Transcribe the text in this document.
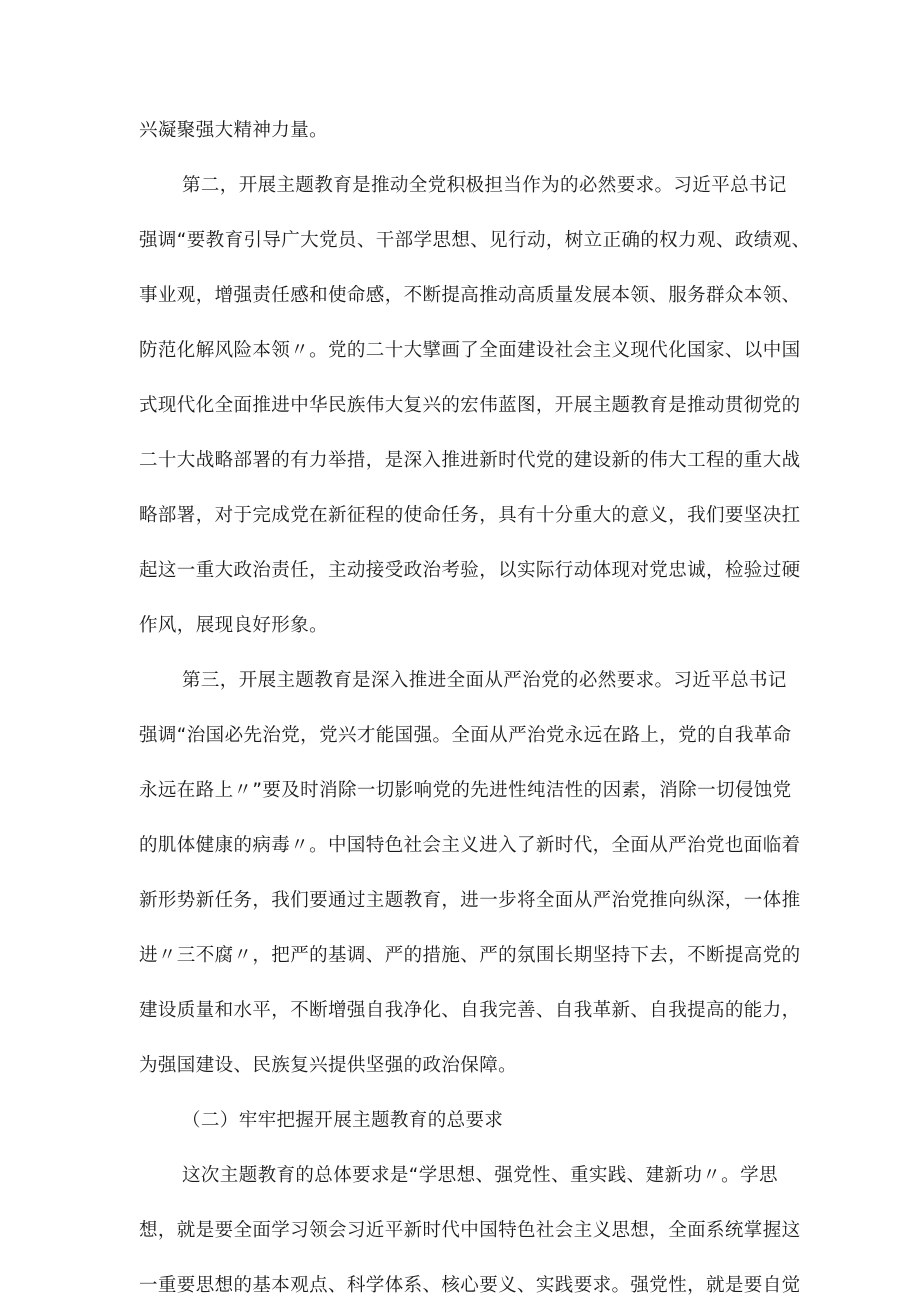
兴凝聚强大精神力量。
第二，开展主题教育是推动全党积极担当作为的必然要求。习近平总书记
强调“要教育引导广大党员、干部学思想、见行动，树立正确的权力观、政绩观、
事业观，增强责任感和使命感，不断提高推动高质量发展本领、服务群众本领、
防范化解风险本领〃。党的二十大擘画了全面建设社会主义现代化国家、以中国
式现代化全面推进中华民族伟大复兴的宏伟蓝图，开展主题教育是推动贯彻党的
二十大战略部署的有力举措，是深入推进新时代党的建设新的伟大工程的重大战
略部署，对于完成党在新征程的使命任务，具有十分重大的意义，我们要坚决扛
起这一重大政治责任，主动接受政治考验，以实际行动体现对党忠诚，检验过硬
作风，展现良好形象。
第三，开展主题教育是深入推进全面从严治党的必然要求。习近平总书记
强调“治国必先治党，党兴才能国强。全面从严治党永远在路上，党的自我革命
永远在路上〃”要及时消除一切影响党的先进性纯洁性的因素，消除一切侵蚀党
的肌体健康的病毒〃。中国特色社会主义进入了新时代，全面从严治党也面临着
新形势新任务，我们要通过主题教育，进一步将全面从严治党推向纵深，一体推
进〃三不腐〃，把严的基调、严的措施、严的氛围长期坚持下去，不断提高党的
建设质量和水平，不断增强自我净化、自我完善、自我革新、自我提高的能力，
为强国建设、民族复兴提供坚强的政治保障。
（二）牢牢把握开展主题教育的总要求
这次主题教育的总体要求是“学思想、强党性、重实践、建新功〃。学思
想，就是要全面学习领会习近平新时代中国特色社会主义思想，全面系统掌握这
一重要思想的基本观点、科学体系、核心要义、实践要求。强党性，就是要自觉
